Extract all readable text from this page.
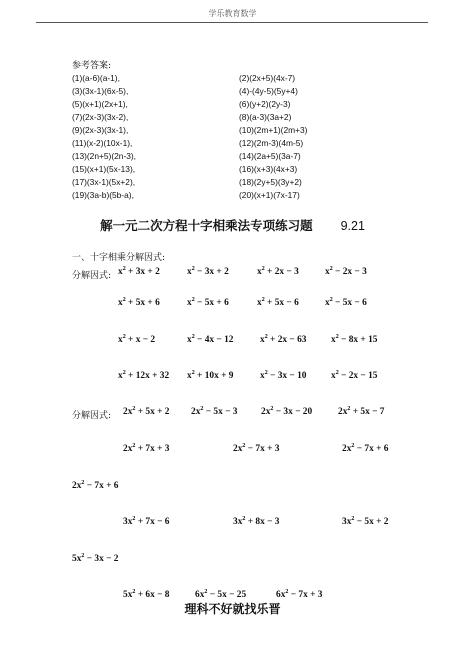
学乐教育数学
参考答案:
(1)(a-6)(a-1),	(2)(2x+5)(4x-7)
(3)(3x-1)(6x-5),	(4)-(4y-5)(5y+4)
(5)(x+1)(2x+1),	(6)(y+2)(2y-3)
(7)(2x-3)(3x-2),	(8)(a-3)(3a+2)
(9)(2x-3)(3x-1),	(10)(2m+1)(2m+3)
(11)(x-2)(10x-1),	(12)(2m-3)(4m-5)
(13)(2n+5)(2n-3),	(14)(2a+5)(3a-7)
(15)(x+1)(5x-13),	(16)(x+3)(4x+3)
(17)(3x-1)(5x+2),	(18)(2y+5)(3y+2)
(19)(3a-b)(5b-a),	(20)(x+1)(7x-17)
解一元二次方程十字相乘法专项练习题 9.21
一、十字相乘分解因式:
分解因式: $x^2 + 3x + 2$	$x^2 - 3x + 2$	$x^2 + 2x - 3$	$x^2 - 2x - 3$
$x^2 + 5x + 6$	$x^2 - 5x + 6$	$x^2 + 5x - 6$	$x^2 - 5x - 6$
$x^2 + x - 2$	$x^2 - 4x - 12$	$x^2 + 2x - 63$	$x^2 - 8x + 15$
$x^2 + 12x + 32$ $x^2 + 10x + 9$	$x^2 - 3x - 10$	$x^2 - 2x - 15$
分解因式: $2x^2 + 5x + 2$ $2x^2 - 5x - 3$	$2x^2 - 3x - 20$	$2x^2 + 5x - 7$
$2x^2 + 7x + 3$	$2x^2 - 7x + 3$	$2x^2 - 7x + 6$
$2x^2 - 7x + 6$
$3x^2 + 7x - 6$	$3x^2 + 8x - 3$	$3x^2 - 5x + 2$
$5x^2 - 3x - 2$
$5x^2 + 6x - 8$	$6x^2 - 5x - 25$	$6x^2 - 7x + 3$
理科不好就找乐晋
